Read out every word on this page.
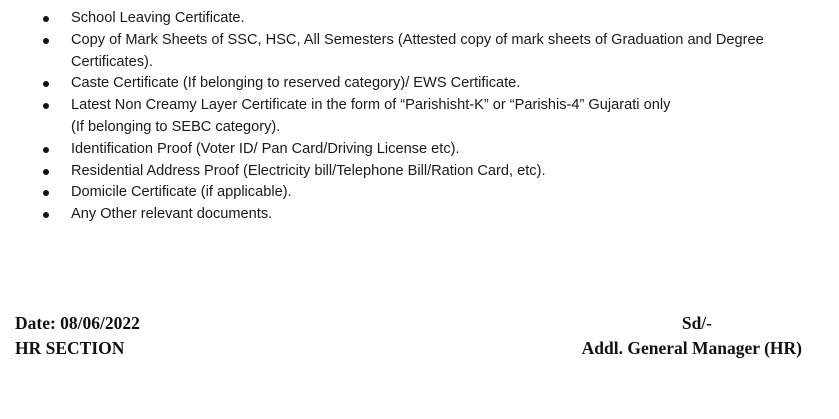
School Leaving Certificate.
Copy of Mark Sheets of SSC, HSC, All Semesters (Attested copy of mark sheets of Graduation and Degree
Certificates).
Caste Certificate (If belonging to reserved category)/ EWS Certificate.
Latest Non Creamy Layer Certificate in the form of “Parishisht-K” or “Parishis-4” Gujarati only
(If belonging to SEBC category).
Identification Proof (Voter ID/ Pan Card/Driving License etc).
Residential Address Proof (Electricity bill/Telephone Bill/Ration Card, etc).
Domicile Certificate (if applicable).
Any Other relevant documents.
Date: 08/06/2022
HR SECTION
Sd/-
Addl. General Manager (HR)
